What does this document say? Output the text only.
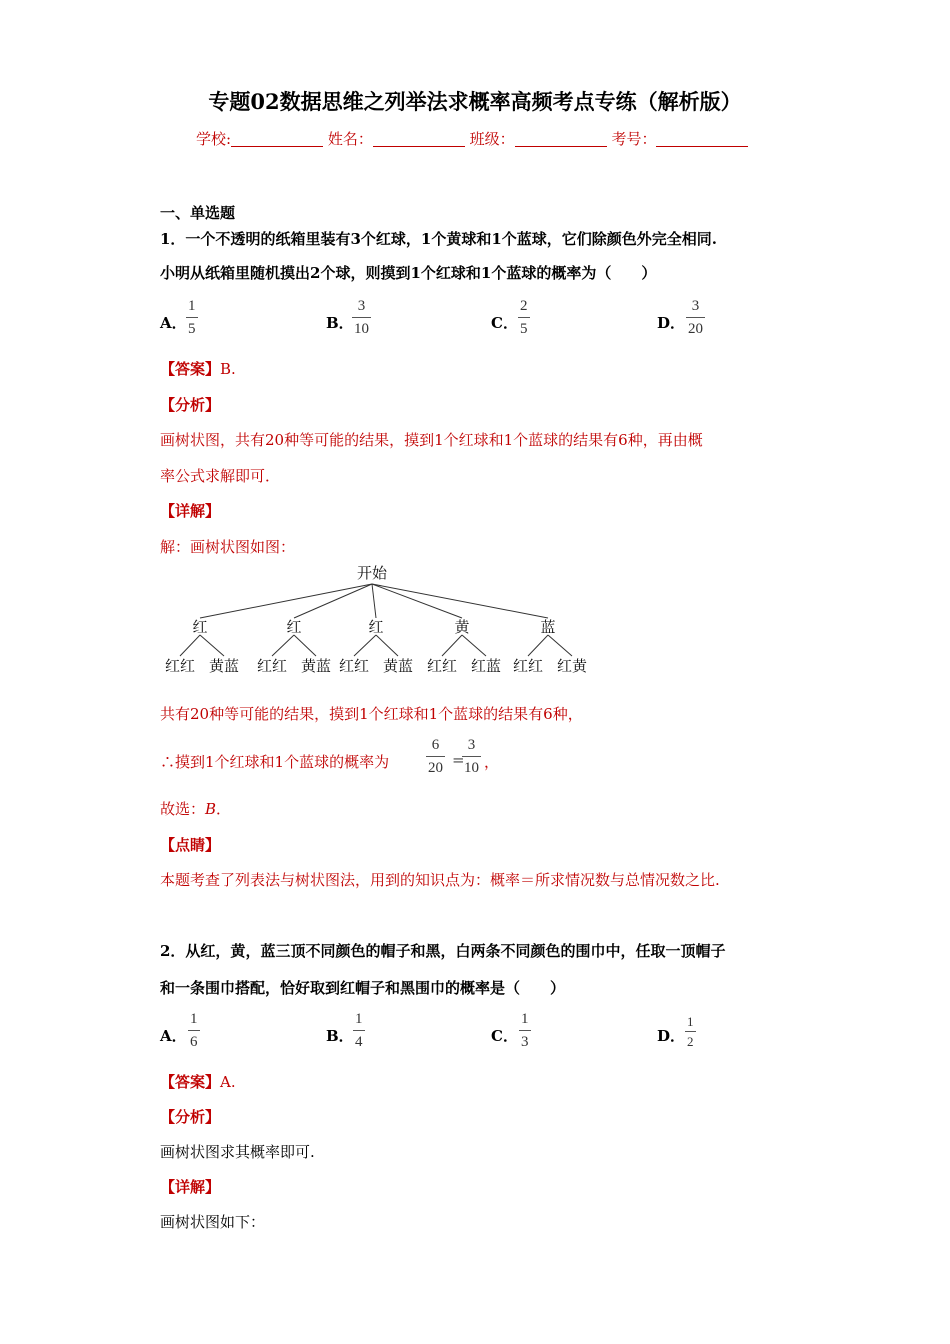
专题02数据思维之列举法求概率高频考点专练（解析版）
学校:	姓名：	班级：	考号：
一、单选题
1．一个不透明的纸箱里装有3个红球，1个黄球和1个蓝球，它们除颜色外完全相同.
小明从纸箱里随机摸出2个球，则摸到1个红球和1个蓝球的概率为（　　）
A．
1
5	B．
3
10	C．
2
5	D．
3
20
【答案】B.
【分析】
画树状图，共有20种等可能的结果，摸到1个红球和1个蓝球的结果有6种，再由概
率公式求解即可．
【详解】
解：画树状图如图：
开始
红	红	红	黄	蓝
红红 黄蓝 红红 黄蓝 红红 黄蓝 红红 红蓝 红红 红黄
共有20种等可能的结果，摸到1个红球和1个蓝球的结果有6种，
∴摸到1个红球和1个蓝球的概率为
6
20 =
3
10 ，
故选：B．
【点睛】
本题考查了列表法与树状图法，用到的知识点为：概率＝所求情况数与总情况数之比.
2．从红，黄，蓝三顶不同颜色的帽子和黑，白两条不同颜色的围巾中，任取一顶帽子
和一条围巾搭配，恰好取到红帽子和黑围巾的概率是（　　）
A．
1
6	B．
1
4	C．
1
3	D．
1
2
【答案】A.
【分析】
画树状图求其概率即可.
【详解】
画树状图如下：
